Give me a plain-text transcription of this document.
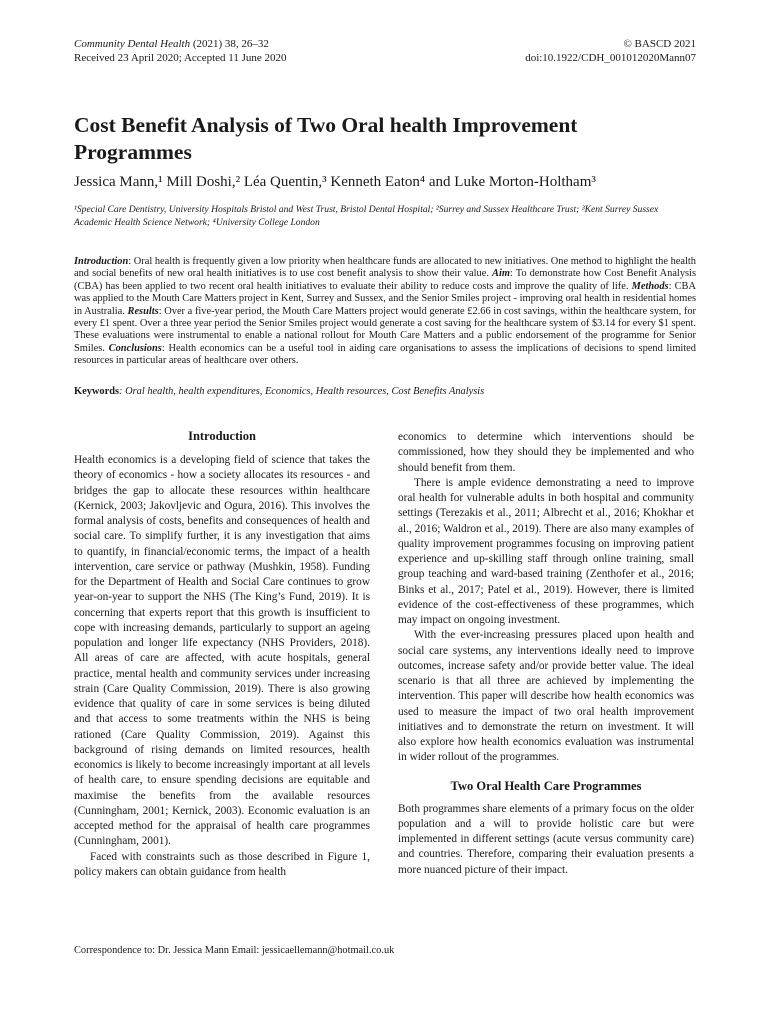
Community Dental Health (2021) 38, 26–32
Received 23 April 2020; Accepted 11 June 2020
© BASCD 2021
doi:10.1922/CDH_001012020Mann07
Cost Benefit Analysis of Two Oral health Improvement Programmes
Jessica Mann,¹ Mill Doshi,² Léa Quentin,³ Kenneth Eaton⁴ and Luke Morton-Holtham³
¹Special Care Dentistry, University Hospitals Bristol and West Trust, Bristol Dental Hospital; ²Surrey and Sussex Healthcare Trust; ³Kent Surrey Sussex Academic Health Science Network; ⁴University College London
Introduction: Oral health is frequently given a low priority when healthcare funds are allocated to new initiatives. One method to highlight the health and social benefits of new oral health initiatives is to use cost benefit analysis to show their value. Aim: To demonstrate how Cost Benefit Analysis (CBA) has been applied to two recent oral health initiatives to evaluate their ability to reduce costs and improve the quality of life. Methods: CBA was applied to the Mouth Care Matters project in Kent, Surrey and Sussex, and the Senior Smiles project - improving oral health in residential homes in Australia. Results: Over a five-year period, the Mouth Care Matters project would generate £2.66 in cost savings, within the healthcare system, for every £1 spent. Over a three year period the Senior Smiles project would generate a cost saving for the healthcare system of $3.14 for every $1 spent. These evaluations were instrumental to enable a national rollout for Mouth Care Matters and a public endorsement of the programme for Senior Smiles. Conclusions: Health economics can be a useful tool in aiding care organisations to assess the implications of decisions to spend limited resources in particular areas of healthcare over others.
Keywords: Oral health, health expenditures, Economics, Health resources, Cost Benefits Analysis
Introduction

Health economics is a developing field of science that takes the theory of economics - how a society allocates its resources - and bridges the gap to allocate these resources within healthcare (Kernick, 2003; Jakovljevic and Ogura, 2016). This involves the formal analysis of costs, benefits and consequences of health and social care. To simplify further, it is any investigation that aims to quantify, in financial/economic terms, the impact of a health intervention, care service or pathway (Mushkin, 1958). Funding for the Department of Health and Social Care continues to grow year-on-year to support the NHS (The King’s Fund, 2019). It is concerning that experts report that this growth is insufficient to cope with increasing demands, particularly to support an ageing population and longer life expectancy (NHS Providers, 2018). All areas of care are affected, with acute hospitals, general practice, mental health and community services under increasing strain (Care Quality Commission, 2019). There is also growing evidence that quality of care in some services is being diluted and that access to some treatments within the NHS is being rationed (Care Quality Commission, 2019). Against this background of rising demands on limited resources, health economics is likely to become increasingly important at all levels of health care, to ensure spending decisions are equitable and maximise the benefits from the available resources (Cunningham, 2001; Kernick, 2003). Economic evaluation is an accepted method for the appraisal of health care programmes (Cunningham, 2001).

Faced with constraints such as those described in Figure 1, policy makers can obtain guidance from health

economics to determine which interventions should be commissioned, how they should they be implemented and who should benefit from them.

There is ample evidence demonstrating a need to improve oral health for vulnerable adults in both hospital and community settings (Terezakis et al., 2011; Albrecht et al., 2016; Khokhar et al., 2016; Waldron et al., 2019). There are also many examples of quality improvement programmes focusing on improving patient experience and up-skilling staff through online training, small group teaching and ward-based training (Zenthofer et al., 2016; Binks et al., 2017; Patel et al., 2019). However, there is limited evidence of the cost-effectiveness of these programmes, which may impact on ongoing investment.

With the ever-increasing pressures placed upon health and social care systems, any interventions ideally need to improve outcomes, increase safety and/or provide better value. The ideal scenario is that all three are achieved by implementing the intervention. This paper will describe how health economics was used to measure the impact of two oral health improvement initiatives and to demonstrate the return on investment. It will also explore how health economics evaluation was instrumental in wider rollout of the programmes.

Two Oral Health Care Programmes

Both programmes share elements of a primary focus on the older population and a will to provide holistic care but were implemented in different settings (acute versus community care) and countries. Therefore, comparing their evaluation presents a more nuanced picture of their impact.

Correspondence to: Dr. Jessica Mann Email: jessicaellemann@hotmail.co.uk
